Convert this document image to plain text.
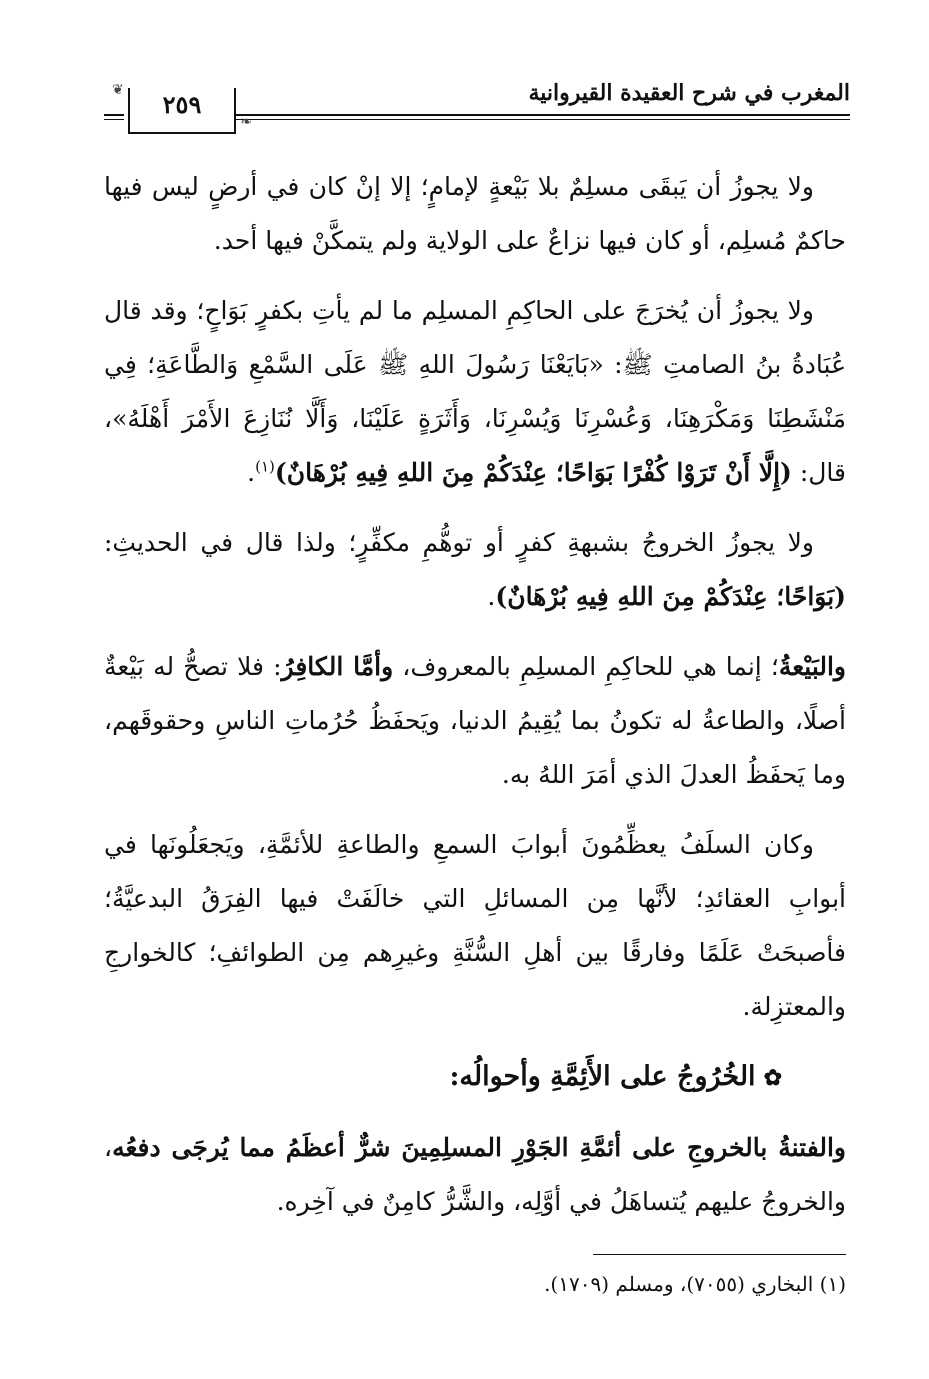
المغرب في شرح العقيدة القيروانية
❦
❧
٢٥٩

ولا يجوزُ أن يَبقَى مسلِمٌ بلا بَيْعةٍ لإمامٍ؛ إلا إنْ كان في أرضٍ ليس فيها حاكمٌ مُسلِم، أو كان فيها نزاعٌ على الولاية ولم يتمكَّنْ فيها أحد.

ولا يجوزُ أن يُخرَجَ على الحاكِمِ المسلِم ما لم يأتِ بكفرٍ بَوَاحٍ؛ وقد قال عُبَادةُ بنُ الصامتِ ﷺ: «بَايَعْنَا رَسُولَ اللهِ ﷺ عَلَى السَّمْعِ وَالطَّاعَةِ؛ فِي مَنْشَطِنَا وَمَكْرَهِنَا، وَعُسْرِنَا وَيُسْرِنَا، وَأَثَرَةٍ عَلَيْنَا، وَأَلَّا نُنَازِعَ الأَمْرَ أَهْلَهُ»، قال: (إِلَّا أَنْ تَرَوْا كُفْرًا بَوَاحًا؛ عِنْدَكُمْ مِنَ اللهِ فِيهِ بُرْهَانٌ)$^{(١)}$.

ولا يجوزُ الخروجُ بشبهةِ كفرٍ أو توهُّمِ مكفِّرٍ؛ ولذا قال في الحديثِ: (بَوَاحًا؛ عِنْدَكُمْ مِنَ اللهِ فِيهِ بُرْهَانٌ).

والبَيْعةُ؛ إنما هي للحاكِمِ المسلِمِ بالمعروف، وأمَّا الكافِرُ: فلا تصحُّ له بَيْعةٌ أصلًا، والطاعةُ له تكونُ بما يُقِيمُ الدنيا، ويَحفَظُ حُرُماتِ الناسِ وحقوقَهم، وما يَحفَظُ العدلَ الذي أمَرَ اللهُ به.

وكان السلَفُ يعظِّمُونَ أبوابَ السمعِ والطاعةِ للأئمَّةِ، ويَجعَلُونَها في أبوابِ العقائدِ؛ لأنَّها مِن المسائلِ التي خالَفَتْ فيها الفِرَقُ البدعيَّةُ؛ فأصبحَتْ عَلَمًا وفارقًا بين أهلِ السُّنَّةِ وغيرِهم مِن الطوائفِ؛ كالخوارجِ والمعتزِلة.

✿الخُرُوجُ على الأَئِمَّةِ وأحوالُه:

والفتنةُ بالخروجِ على أئمَّةِ الجَوْرِ المسلِمِينَ شرٌّ أعظَمُ مما يُرجَى دفعُه، والخروجُ عليهم يُتساهَلُ في أوَّلِه، والشَّرُّ كامِنٌ في آخِره.

(١) البخاري (٧٠٥٥)، ومسلم (١٧٠٩).
